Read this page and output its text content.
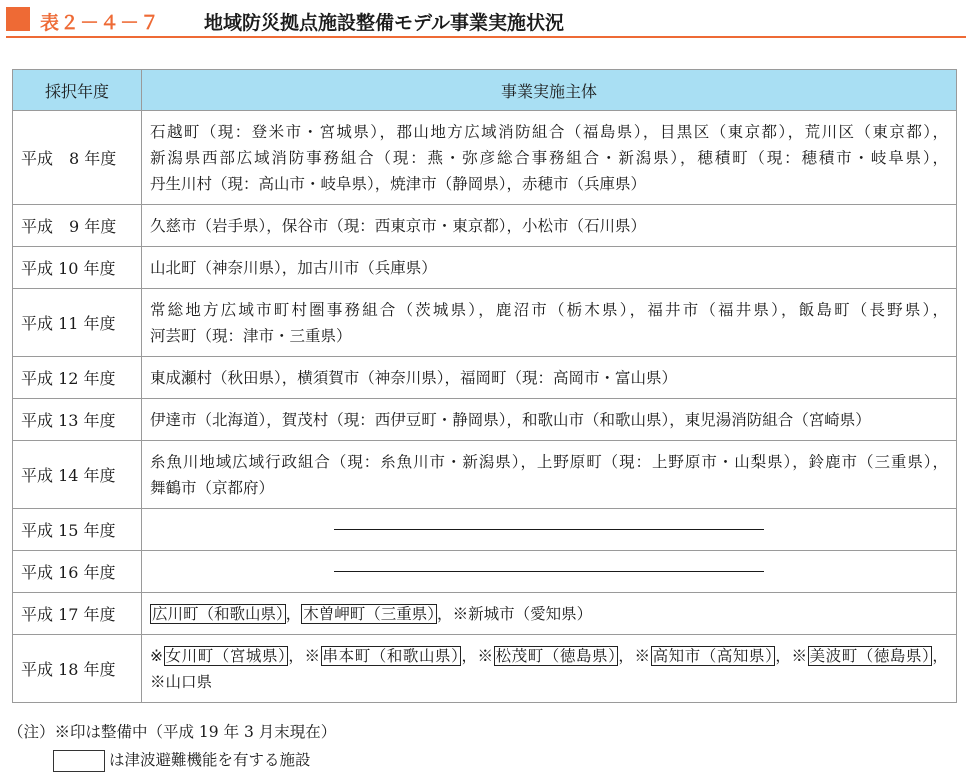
表２－４－７ 地域防災拠点施設整備モデル事業実施状況
採択年度	事業実施主体
平成　8 年度	石越町（現：登米市・宮城県），郡山地方広域消防組合（福島県），目黒区（東京都），荒川区（東京都），新潟県西部広域消防事務組合（現：燕・弥彦総合事務組合・新潟県），穂積町（現：穂積市・岐阜県），丹生川村（現：高山市・岐阜県），焼津市（静岡県），赤穂市（兵庫県）
平成　9 年度	久慈市（岩手県），保谷市（現：西東京市・東京都），小松市（石川県）
平成 10 年度	山北町（神奈川県），加古川市（兵庫県）
平成 11 年度	常総地方広域市町村圏事務組合（茨城県），鹿沼市（栃木県），福井市（福井県），飯島町（長野県），河芸町（現：津市・三重県）
平成 12 年度	東成瀬村（秋田県），横須賀市（神奈川県），福岡町（現：高岡市・富山県）
平成 13 年度	伊達市（北海道），賀茂村（現：西伊豆町・静岡県），和歌山市（和歌山県），東児湯消防組合（宮崎県）
平成 14 年度	糸魚川地域広域行政組合（現：糸魚川市・新潟県），上野原町（現：上野原市・山梨県），鈴鹿市（三重県），舞鶴市（京都府）
平成 15 年度	

平成 16 年度	

平成 17 年度	広川町（和歌山県） ， 木曽岬町（三重県） ，※新城市（愛知県）
平成 18 年度	※ 女川町（宮城県） ，※ 串本町（和歌山県） ，※ 松茂町（徳島県） ，※ 高知市（高知県） ，※ 美波町（徳島県） ，※山口県
（注）※印は整備中（平成 19 年 3 月末現在）
は津波避難機能を有する施設
